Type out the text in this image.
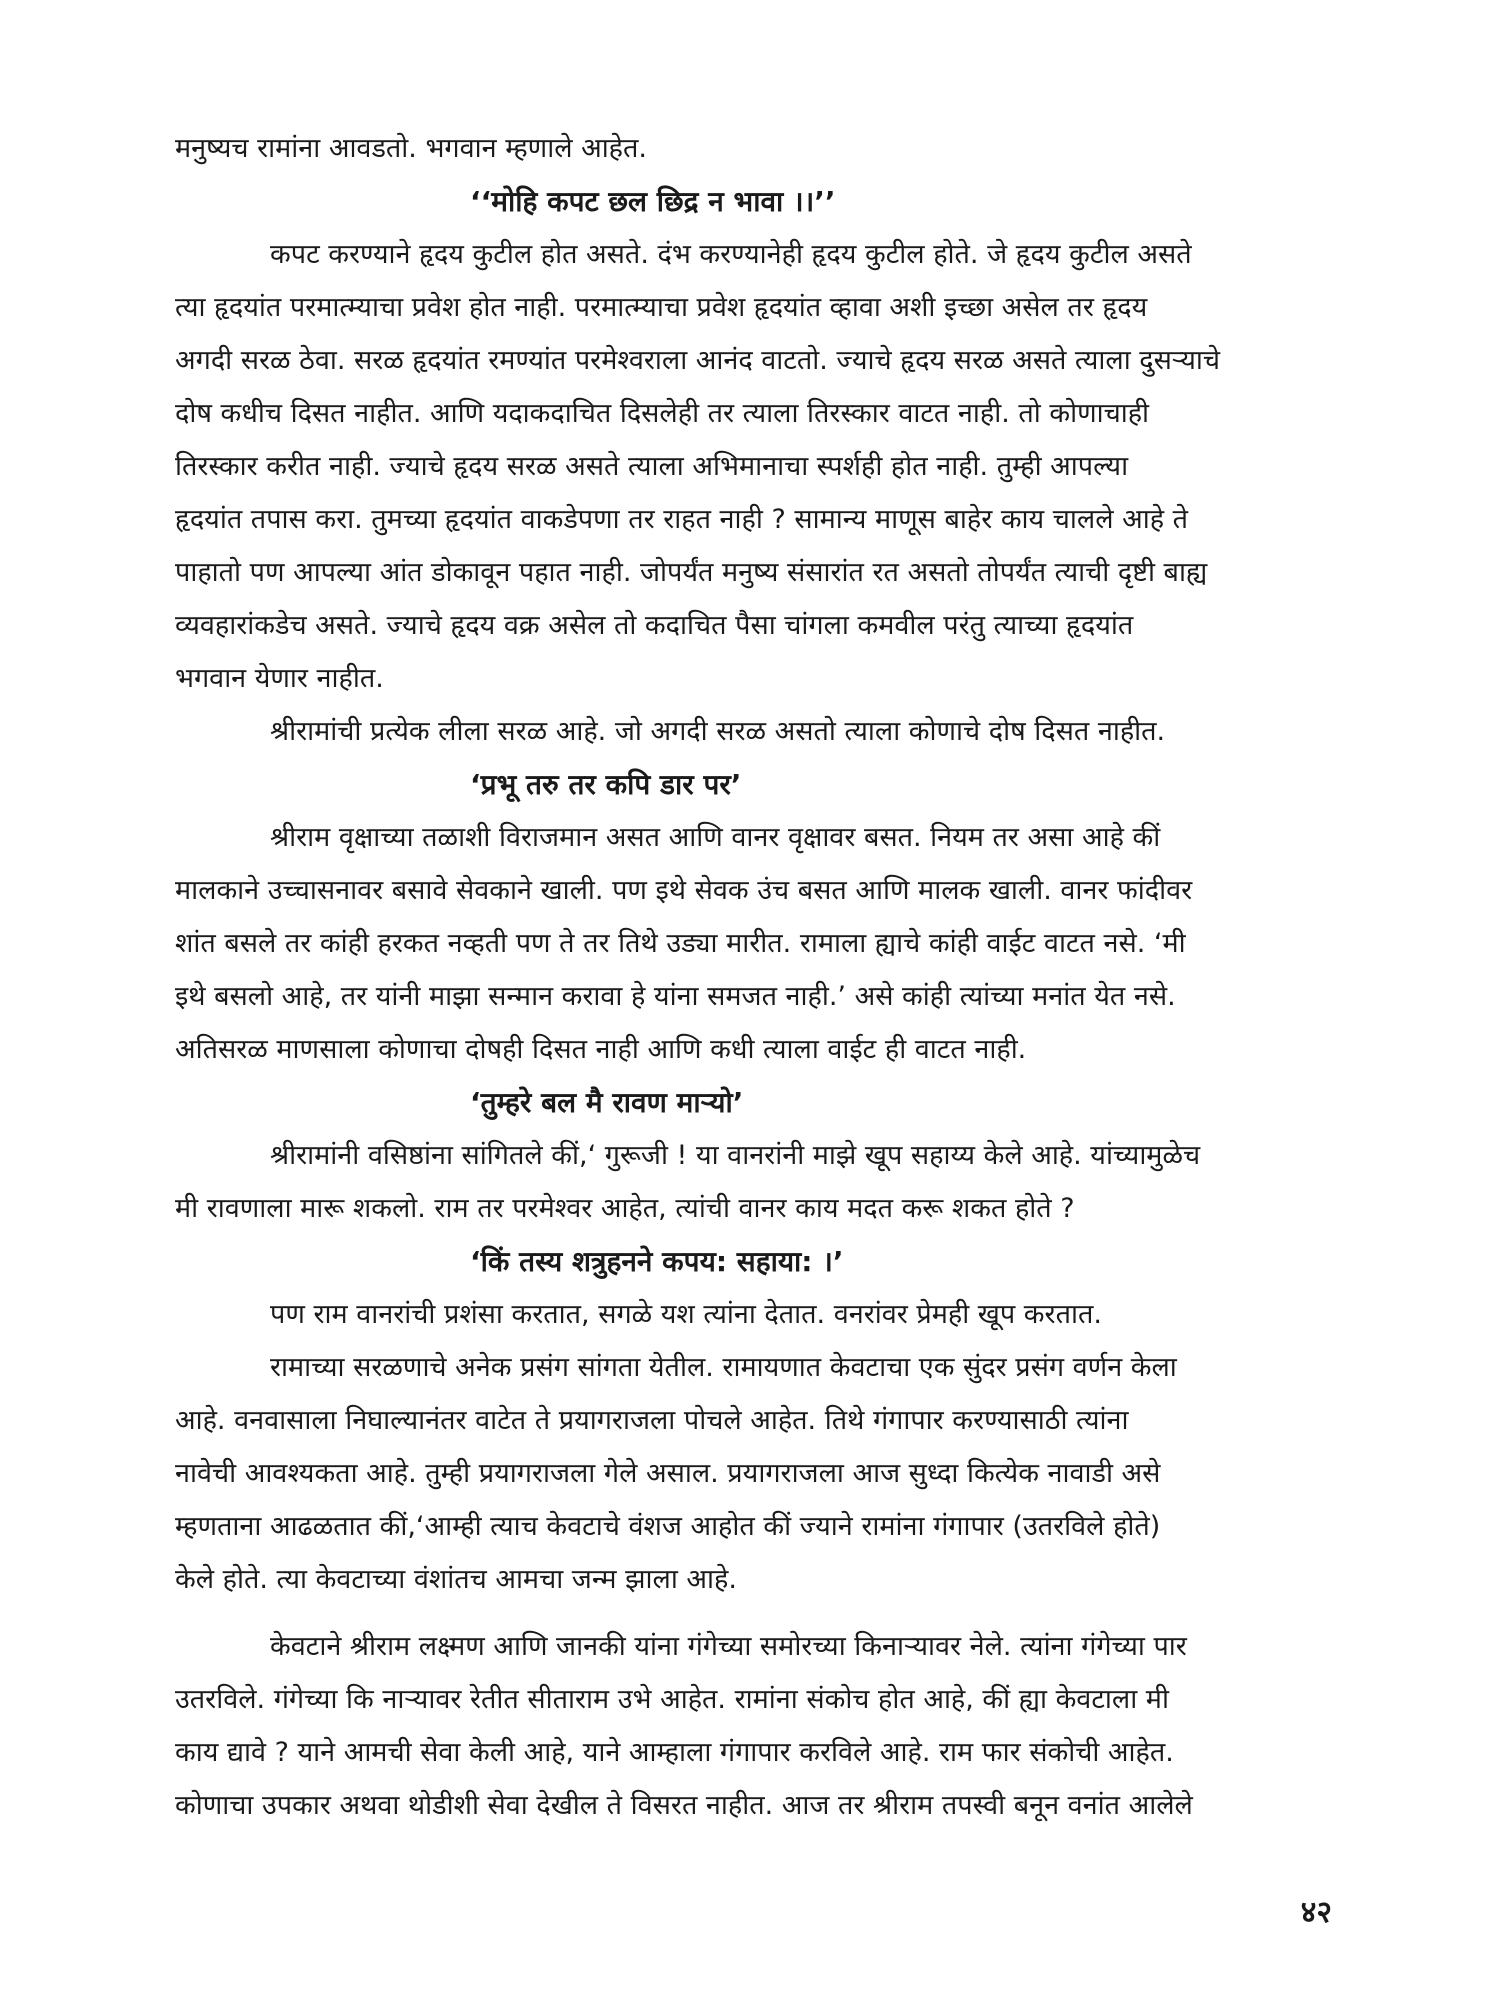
मनुष्यच रामांना आवडतो. भगवान म्हणाले आहेत.
‘‘मोहि कपट छल छिद्र न भावा ।।’’
कपट करण्याने हृदय कुटील होत असते. दंभ करण्यानेही हृदय कुटील होते. जे हृदय कुटील असते
त्या हृदयांत परमात्म्याचा प्रवेश होत नाही. परमात्म्याचा प्रवेश हृदयांत व्हावा अशी इच्छा असेल तर हृदय
अगदी सरळ ठेवा. सरळ हृदयांत रमण्यांत परमेश्वराला आनंद वाटतो. ज्याचे हृदय सरळ असते त्याला दुसऱ्याचे
दोष कधीच दिसत नाहीत. आणि यदाकदाचित दिसलेही तर त्याला तिरस्कार वाटत नाही. तो कोणाचाही
तिरस्कार करीत नाही. ज्याचे हृदय सरळ असते त्याला अभिमानाचा स्पर्शही होत नाही. तुम्ही आपल्या
हृदयांत तपास करा. तुमच्या हृदयांत वाकडेपणा तर राहत नाही ? सामान्य माणूस बाहेर काय चालले आहे ते
पाहातो पण आपल्या आंत डोकावून पहात नाही. जोपर्यंत मनुष्य संसारांत रत असतो तोपर्यंत त्याची दृष्टी बाह्य
व्यवहारांकडेच असते. ज्याचे हृदय वक्र असेल तो कदाचित पैसा चांगला कमवील परंतु त्याच्या हृदयांत
भगवान येणार नाहीत.
श्रीरामांची प्रत्येक लीला सरळ आहे. जो अगदी सरळ असतो त्याला कोणाचे दोष दिसत नाहीत.
‘प्रभू तरु तर कपि डार पर’
श्रीराम वृक्षाच्या तळाशी विराजमान असत आणि वानर वृक्षावर बसत. नियम तर असा आहे कीं
मालकाने उच्चासनावर बसावे सेवकाने खाली. पण इथे सेवक उंच बसत आणि मालक खाली. वानर फांदीवर
शांत बसले तर कांही हरकत नव्हती पण ते तर तिथे उड्या मारीत. रामाला ह्याचे कांही वाईट वाटत नसे. ‘मी
इथे बसलो आहे, तर यांनी माझा सन्मान करावा हे यांना समजत नाही.’ असे कांही त्यांच्या मनांत येत नसे.
अतिसरळ माणसाला कोणाचा दोषही दिसत नाही आणि कधी त्याला वाईट ही वाटत नाही.
‘तुम्हरे बल मै रावण माऱ्यो’
श्रीरामांनी वसिष्ठांना सांगितले कीं,‘ गुरूजी ! या वानरांनी माझे खूप सहाय्य केले आहे. यांच्यामुळेच
मी रावणाला मारू शकलो. राम तर परमेश्वर आहेत, त्यांची वानर काय मदत करू शकत होते ?
‘किं तस्य शत्रुहनने कपय: सहाया: ।’
पण राम वानरांची प्रशंसा करतात, सगळे यश त्यांना देतात. वनरांवर प्रेमही खूप करतात.
रामाच्या सरळणाचे अनेक प्रसंग सांगता येतील. रामायणात केवटाचा एक सुंदर प्रसंग वर्णन केला
आहे. वनवासाला निघाल्यानंतर वाटेत ते प्रयागराजला पोचले आहेत. तिथे गंगापार करण्यासाठी त्यांना
नावेची आवश्यकता आहे. तुम्ही प्रयागराजला गेले असाल. प्रयागराजला आज सुध्दा कित्येक नावाडी असे
म्हणताना आढळतात कीं,‘आम्ही त्याच केवटाचे वंशज आहोत कीं ज्याने रामांना गंगापार (उतरविले होते)
केले होते. त्या केवटाच्या वंशांतच आमचा जन्म झाला आहे.
केवटाने श्रीराम लक्ष्मण आणि जानकी यांना गंगेच्या समोरच्या किनाऱ्यावर नेले. त्यांना गंगेच्या पार
उतरविले. गंगेच्या कि नाऱ्यावर रेतीत सीताराम उभे आहेत. रामांना संकोच होत आहे, कीं ह्या केवटाला मी
काय द्यावे ? याने आमची सेवा केली आहे, याने आम्हाला गंगापार करविले आहे. राम फार संकोची आहेत.
कोणाचा उपकार अथवा थोडीशी सेवा देखील ते विसरत नाहीत. आज तर श्रीराम तपस्वी बनून वनांत आलेले
४२
